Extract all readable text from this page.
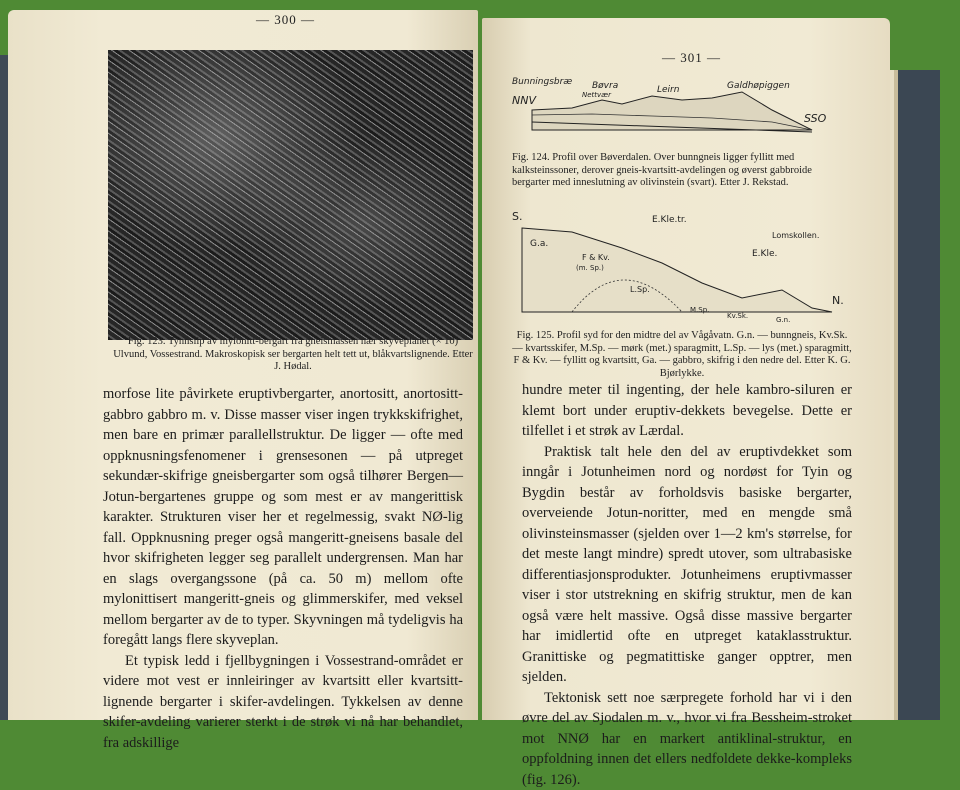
— 300 —
Fig. 123. Tynnslip av mylonitt-bergart fra gneismassen nær skyveplanet (× 10) Ulvund, Vossestrand. Makroskopisk ser bergarten helt tett ut, blåkvartslignende. Etter J. Hødal.

morfose lite påvirkete eruptivbergarter, anortositt, anortositt-gabbro gabbro m. v. Disse masser viser ingen trykkskifrighet, men bare en primær parallellstruktur. De ligger — ofte med oppknusningsfenomener i grensesonen — på utpreget sekundær-skifrige gneisbergarter som også tilhører Bergen—Jotun-bergartenes gruppe og som mest er av mangerittisk karakter. Strukturen viser her et regelmessig, svakt NØ-lig fall. Oppknusning preger også mangeritt-gneisens basale del hvor skifrigheten legger seg parallelt undergrensen. Man har en slags overgangssone (på ca. 50 m) mellom ofte mylonittisert mangeritt-gneis og glimmerskifer, med veksel mellom bergarter av de to typer. Skyvningen må tydeligvis ha foregått langs flere skyveplan.

Et typisk ledd i fjellbygningen i Vossestrand-området er videre mot vest er innleiringer av kvartsitt eller kvartsitt-lignende bergarter i skifer-avdelingen. Tykkelsen av denne skifer-avdeling varierer sterkt i de strøk vi nå har behandlet, fra adskillige

— 301 —
Bunningsbræ
NNV
Bøvra
Nettvær	Leirn	Galdhøpiggen
SSO
Fig. 124. Profil over Bøverdalen. Over bunngneis ligger fyllitt med kalksteinssoner, derover gneis-kvartsitt-avdelingen og øverst gabbroide bergarter med inneslutning av olivinstein (svart). Etter J. Rekstad.
S.	E.Kle.tr.
G.a.
F & Kv.
(m. Sp.)
L.Sp.
E.Kle.
Lomskollen.
M.Sp.
Kv.Sk.	G.n.
N.
Fig. 125. Profil syd for den midtre del av Vågåvatn. G.n. — bunngneis, Kv.Sk. — kvartsskifer, M.Sp. — mørk (met.) sparagmitt, L.Sp. — lys (met.) sparagmitt, F & Kv. — fyllitt og kvartsitt, Ga. — gabbro, skifrig i den nedre del. Etter K. G. Bjørlykke.

hundre meter til ingenting, der hele kambro-siluren er klemt bort under eruptiv-dekkets bevegelse. Dette er tilfellet i et strøk av Lærdal.

Praktisk talt hele den del av eruptivdekket som inngår i Jotunheimen nord og nordøst for Tyin og Bygdin består av forholdsvis basiske bergarter, overveiende Jotun-noritter, med en mengde små olivinsteinsmasser (sjelden over 1—2 km's størrelse, for det meste langt mindre) spredt utover, som ultrabasiske differentiasjonsprodukter. Jotunheimens eruptivmasser viser i stor utstrekning en skifrig struktur, men de kan også være helt massive. Også disse massive bergarter har imidlertid ofte en utpreget kataklasstruktur. Granittiske og pegmatittiske ganger opptrer, men sjelden.

Tektonisk sett noe særpregete forhold har vi i den øvre del av Sjodalen m. v., hvor vi fra Bessheim-stroket mot NNØ har en markert antiklinal-struktur, en oppfoldning innen det ellers nedfoldete dekke-kompleks (fig. 126).
